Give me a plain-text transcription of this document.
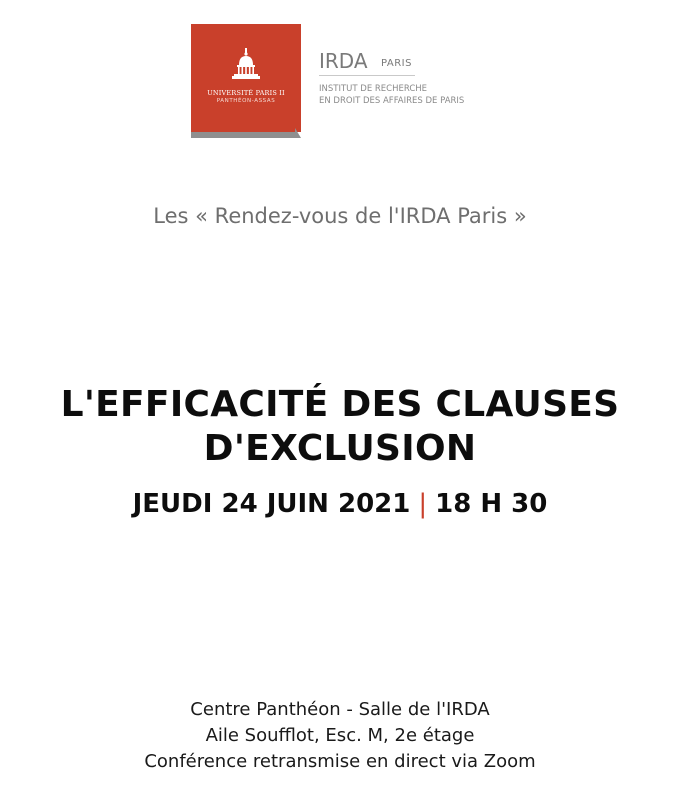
UNIVERSITÉ PARIS II
PANTHÉON-ASSAS
IRDA PARIS
INSTITUT DE RECHERCHE
EN DROIT DES AFFAIRES DE PARIS
Les « Rendez-vous de l'IRDA Paris »
L'EFFICACITÉ DES CLAUSES
D'EXCLUSION
JEUDI 24 JUIN 2021 | 18 H 30
Centre Panthéon - Salle de l'IRDA
Aile Soufflot, Esc. M, 2e étage
Conférence retransmise en direct via Zoom
